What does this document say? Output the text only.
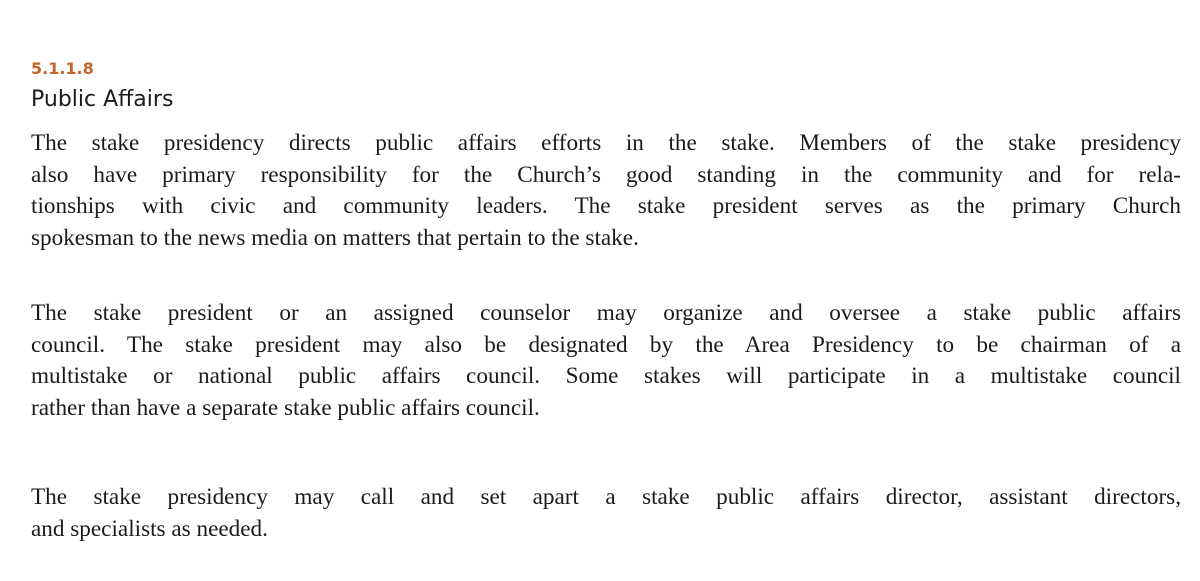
5.1.1.8
Public Affairs

The stake presidency directs public affairs efforts in the stake. Members of the stake presidency
also have primary responsibility for the Church’s good standing in the community and for rela-
tionships with civic and community leaders. The stake president serves as the primary Church
spokesman to the news media on matters that pertain to the stake.

The stake president or an assigned counselor may organize and oversee a stake public affairs
council. The stake president may also be designated by the Area Presidency to be chairman of a
multistake or national public affairs council. Some stakes will participate in a multistake council
rather than have a separate stake public affairs council.

The stake presidency may call and set apart a stake public affairs director, assistant directors,
and specialists as needed.
